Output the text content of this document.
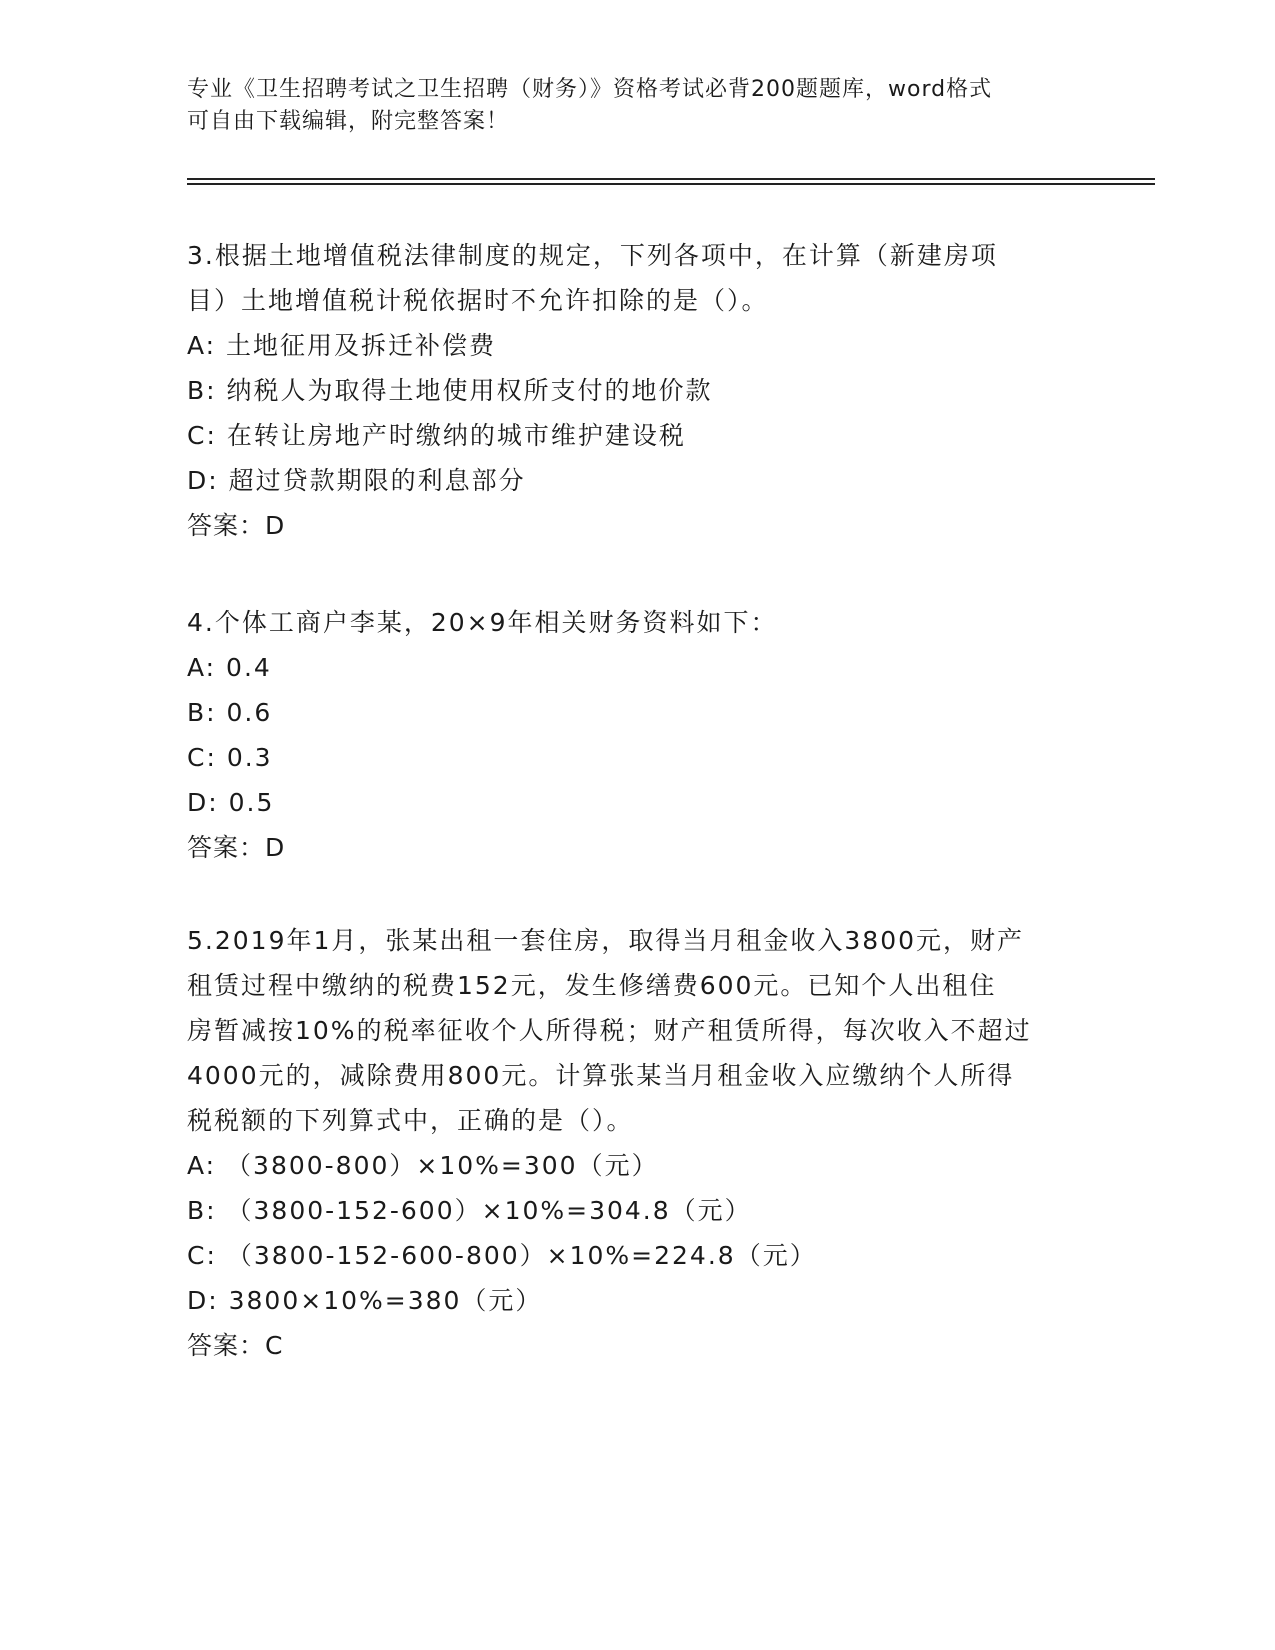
专业《卫生招聘考试之卫生招聘（财务）》资格考试必背200题题库，word格式
可自由下载编辑，附完整答案！
3.根据土地增值税法律制度的规定，下列各项中，在计算（新建房项
目）土地增值税计税依据时不允许扣除的是（）。
A: 土地征用及拆迁补偿费
B: 纳税人为取得土地使用权所支付的地价款
C: 在转让房地产时缴纳的城市维护建设税
D: 超过贷款期限的利息部分
答案：D
4.个体工商户李某，20×9年相关财务资料如下：
A: 0.4
B: 0.6
C: 0.3
D: 0.5
答案：D
5.2019年1月，张某出租一套住房，取得当月租金收入3800元，财产
租赁过程中缴纳的税费152元，发生修缮费600元。已知个人出租住
房暂减按10%的税率征收个人所得税；财产租赁所得，每次收入不超过
4000元的，减除费用800元。计算张某当月租金收入应缴纳个人所得
税税额的下列算式中，正确的是（）。
A: （3800-800）×10%=300（元）
B: （3800-152-600）×10%=304.8（元）
C: （3800-152-600-800）×10%=224.8（元）
D: 3800×10%=380（元）
答案：C
